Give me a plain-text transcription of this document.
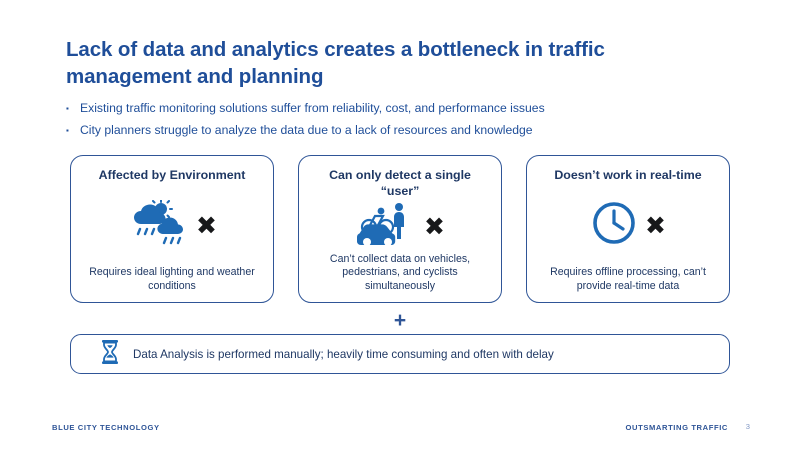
Lack of data and analytics creates a bottleneck in traffic management and planning
▪ Existing traffic monitoring solutions suffer from reliability, cost, and performance issues
▪ City planners struggle to analyze the data due to a lack of resources and knowledge
Affected by Environment
✖
Requires ideal lighting and weather conditions
Can only detect a single “user”
✖
Can’t collect data on vehicles, pedestrians, and cyclists simultaneously
Doesn’t work in real-time
✖
Requires offline processing, can’t provide real-time data
+
Data Analysis is performed manually; heavily time consuming and often with delay
BLUE CITY TECHNOLOGY	OUTSMARTING TRAFFIC 3
